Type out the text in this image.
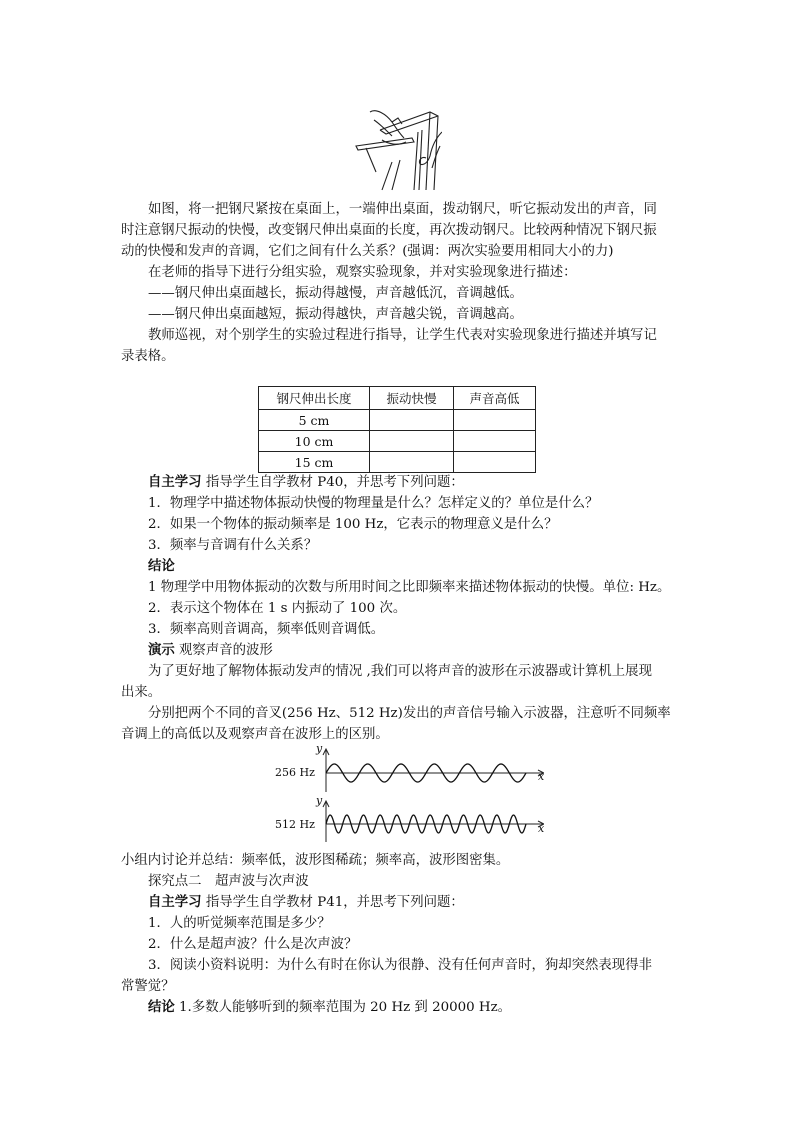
如图，将一把钢尺紧按在桌面上，一端伸出桌面，拨动钢尺，听它振动发出的声音，同
时注意钢尺振动的快慢，改变钢尺伸出桌面的长度，再次拨动钢尺。比较两种情况下钢尺振
动的快慢和发声的音调，它们之间有什么关系？(强调：两次实验要用相同大小的力)
在老师的指导下进行分组实验，观察实验现象，并对实验现象进行描述：
——钢尺伸出桌面越长，振动得越慢，声音越低沉，音调越低。
——钢尺伸出桌面越短，振动得越快，声音越尖锐，音调越高。
教师巡视，对个别学生的实验过程进行指导，让学生代表对实验现象进行描述并填写记
录表格。
钢尺伸出长度	振动快慢	声音高低
5 cm		
10 cm		
15 cm		
自主学习 指导学生自学教材 P40，并思考下列问题：
1．物理学中描述物体振动快慢的物理量是什么？怎样定义的？单位是什么？
2．如果一个物体的振动频率是 100 Hz，它表示的物理意义是什么？
3．频率与音调有什么关系？
结论
1 物理学中用物体振动的次数与所用时间之比即频率来描述物体振动的快慢。单位: Hz。
2．表示这个物体在 1 s 内振动了 100 次。
3．频率高则音调高，频率低则音调低。
演示 观察声音的波形
为了更好地了解物体振动发声的情况 ,我们可以将声音的波形在示波器或计算机上展现
出来。
分别把两个不同的音叉(256 Hz、512 Hz)发出的声音信号输入示波器，注意听不同频率
音调上的高低以及观察声音在波形上的区别。
256 Hz
y
x
512 Hz
y
x
小组内讨论并总结：频率低，波形图稀疏；频率高，波形图密集。
探究点二　超声波与次声波
自主学习 指导学生自学教材 P41，并思考下列问题：
1．人的听觉频率范围是多少？
2．什么是超声波？什么是次声波？
3．阅读小资料说明：为什么有时在你认为很静、没有任何声音时，狗却突然表现得非
常警觉？
结论 1.多数人能够听到的频率范围为 20 Hz 到 20000 Hz。
